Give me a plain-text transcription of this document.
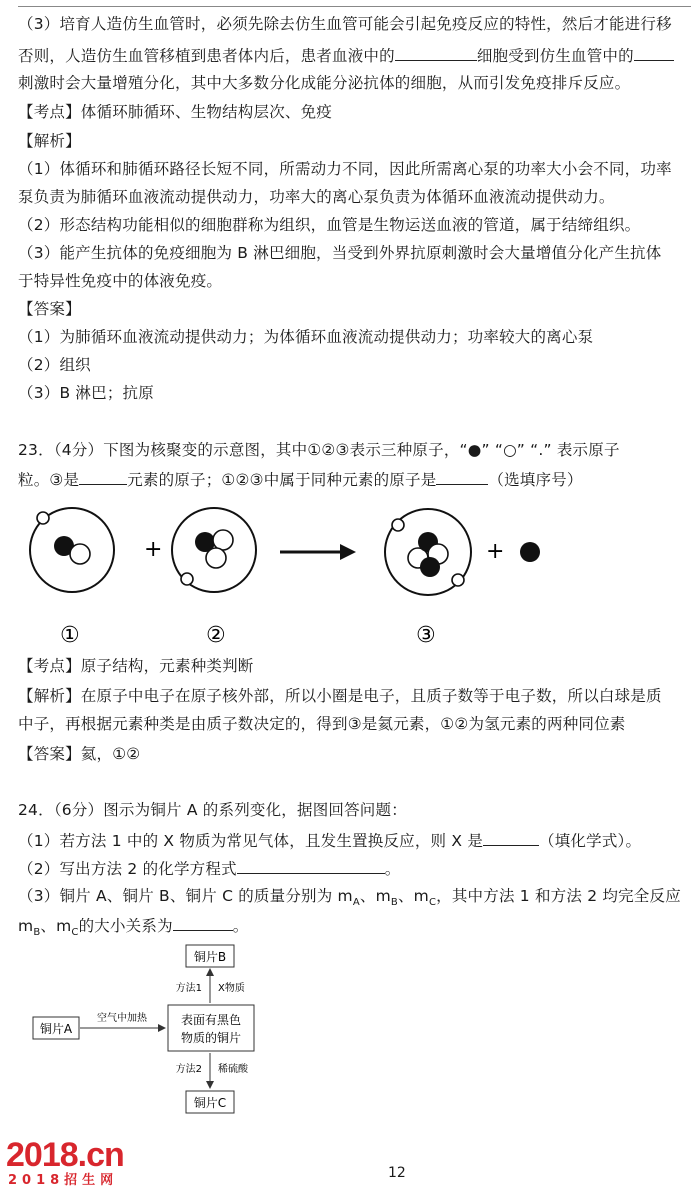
（3）培育人造仿生血管时，必须先除去仿生血管可能会引起免疫反应的特性，然后才能进行移
否则，人造仿生血管移植到患者体内后，患者血液中的	细胞受到仿生血管中的
刺激时会大量增殖分化，其中大多数分化成能分泌抗体的细胞，从而引发免疫排斥反应。
【考点】体循环肺循环、生物结构层次、免疫
【解析】
（1）体循环和肺循环路径长短不同，所需动力不同，因此所需离心泵的功率大小会不同，功率
泵负责为肺循环血液流动提供动力，功率大的离心泵负责为体循环血液流动提供动力。
（2）形态结构功能相似的细胞群称为组织，血管是生物运送血液的管道，属于结缔组织。
（3）能产生抗体的免疫细胞为 B 淋巴细胞，当受到外界抗原刺激时会大量增值分化产生抗体
于特异性免疫中的体液免疫。
【答案】
（1）为肺循环血液流动提供动力；为体循环血液流动提供动力；功率较大的离心泵
（2）组织
（3）B 淋巴；抗原
23．（4分）下图为核聚变的示意图，其中①②③表示三种原子，“●” “○” “.” 表示原子
粒。③是	元素的原子；①②③中属于同种元素的原子是	（选填序号）
+	+
①	②	③
【考点】原子结构，元素种类判断
【解析】在原子中电子在原子核外部，所以小圈是电子，且质子数等于电子数，所以白球是质
中子，再根据元素种类是由质子数决定的，得到③是氦元素，①②为氢元素的两种同位素
【答案】氦，①②
24．（6分）图示为铜片 A 的系列变化，据图回答问题：
（1）若方法 1 中的 X 物质为常见气体，且发生置换反应，则 X 是	（填化学式）。
（2）写出方法 2 的化学方程式	。
（3）铜片 A、铜片 B、铜片 C 的质量分别为 $m_A$、$m_B$、$m_C$，其中方法 1 和方法 2 均完全反应
$m_B$、$m_C$的大小关系为	。
铜片B
方法1 X物质
表面有黑色
物质的铜片
铜片A
空气中加热
方法2 稀硫酸
铜片C
2018.cn
2018招生网	12
